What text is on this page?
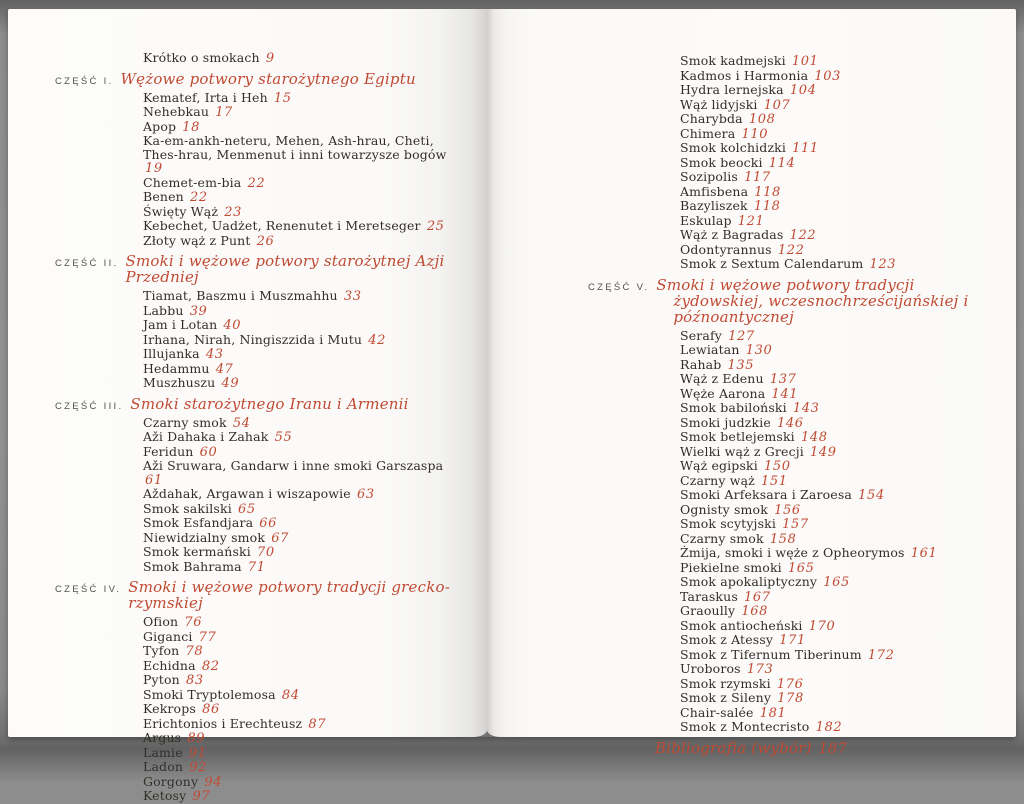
Krótko o smokach 9
CZĘŚĆ I. Wężowe potwory starożytnego Egiptu
Kematef, Irta i Heh 15
Nehebkau 17
Apop 18
Ka-em-ankh-neteru, Mehen, Ash-hrau, Cheti, Thes-hrau, Menmenut i inni towarzysze bogów 19
Chemet-em-bia 22
Benen 22
Święty Wąż 23
Kebechet, Uadżet, Renenutet i Meretseger 25
Złoty wąż z Punt 26
CZĘŚĆ II. Smoki i wężowe potwory starożytnej Azji Przedniej
Tiamat, Baszmu i Muszmahhu 33
Labbu 39
Jam i Lotan 40
Irhana, Nirah, Ningiszzida i Mutu 42
Illujanka 43
Hedammu 47
Muszhuszu 49
CZĘŚĆ III. Smoki starożytnego Iranu i Armenii
Czarny smok 54
Aži Dahaka i Zahak 55
Feridun 60
Aži Sruwara, Gandarw i inne smoki Garszaspa 61
Aždahak, Argawan i wiszapowie 63
Smok sakilski 65
Smok Esfandjara 66
Niewidzialny smok 67
Smok kermański 70
Smok Bahrama 71
CZĘŚĆ IV. Smoki i wężowe potwory tradycji grecko-rzymskiej
Ofion 76
Giganci 77
Tyfon 78
Echidna 82
Pyton 83
Smoki Tryptolemosa 84
Kekrops 86
Erichtonios i Erechteusz 87
Argus 89
Lamie 91
Ladon 92
Gorgony 94
Ketosy 97
Smok kadmejski 101
Kadmos i Harmonia 103
Hydra lernejska 104
Wąż lidyjski 107
Charybda 108
Chimera 110
Smok kolchidzki 111
Smok beocki 114
Sozipolis 117
Amfisbena 118
Bazyliszek 118
Eskulap 121
Wąż z Bagradas 122
Odontyrannus 122
Smok z Sextum Calendarum 123
CZĘŚĆ V. Smoki i wężowe potwory tradycji żydowskiej, wczesnochrześcijańskiej i późnoantycznej
Serafy 127
Lewiatan 130
Rahab 135
Wąż z Edenu 137
Węże Aarona 141
Smok babiloński 143
Smoki judzkie 146
Smok betlejemski 148
Wielki wąż z Grecji 149
Wąż egipski 150
Czarny wąż 151
Smoki Arfeksara i Zaroesa 154
Ognisty smok 156
Smok scytyjski 157
Czarny smok 158
Żmija, smoki i węże z Opheorymos 161
Piekielne smoki 165
Smok apokaliptyczny 165
Taraskus 167
Graoully 168
Smok antiocheński 170
Smok z Atessy 171
Smok z Tifernum Tiberinum 172
Uroboros 173
Smok rzymski 176
Smok z Sileny 178
Chair-salée 181
Smok z Montecristo 182
Bibliografia (wybór) 187
